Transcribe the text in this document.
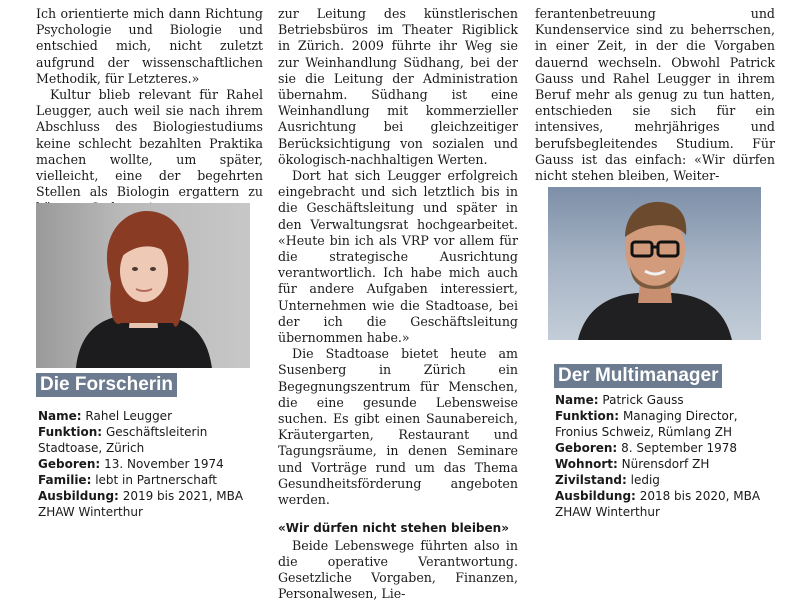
Ich orientierte mich dann Richtung Psychologie und Biologie und entschied mich, nicht zuletzt aufgrund der wissenschaftlichen Methodik, für Letzteres.»

Kultur blieb relevant für Rahel Leugger, auch weil sie nach ihrem Abschluss des Biologiestudiums keine schlecht bezahlten Praktika machen wollte, um später, vielleicht, eine der begehrten Stellen als Biologin ergattern zu

zur Leitung des künstlerischen Betriebsbüros im Theater Rigiblick in Zürich. 2009 führte ihr Weg sie zur Weinhandlung Südhang, bei der sie die Leitung der Administration übernahm. Südhang ist eine Weinhandlung mit kommerzieller Ausrichtung bei gleichzeitiger Berücksichtigung von sozialen und ökologisch-nachhaltigen Werten.

Dort hat sich Leugger erfolgreich eingebracht und sich letztlich bis in die Geschäftsleitung und später in den Verwaltungsrat hochgearbeitet. «Heute bin ich als VRP vor allem für die strategische Ausrichtung verantwortlich. Ich habe mich auch für andere Aufgaben interessiert, Unternehmen wie die Stadtoase, bei der ich die Geschäftsleitung übernommen habe.»

Die Stadtoase bietet heute am Susenberg in Zürich ein Begegnungszentrum für Menschen, die eine gesunde Lebensweise suchen. Es gibt einen Saunabereich, Kräutergarten, Restaurant und Tagungsräume, in denen Seminare und Vorträge rund um das Thema Gesundheitsförderung angeboten werden.

«Wir dürfen nicht stehen bleiben»

Beide Lebenswege führten also in die operative Verantwortung. Gesetzliche Vorgaben, Finanzen, Personalwesen, Lie-

ferantenbetreuung und Kundenservice sind zu beherrschen, in einer Zeit, in der die Vorgaben dauernd wechseln. Obwohl Patrick Gauss und Rahel Leugger in ihrem Beruf mehr als genug zu tun hatten, entschieden sie sich für ein intensives, mehrjähriges und berufsbegleitendes Studium. Für Gauss ist das einfach: «Wir dürfen nicht stehen bleiben, Weiter-

Die Forscherin	Der Multimanager
Name: Rahel Leugger
Funktion: Geschäftsleiterin Stadtoase, Zürich
Geboren: 13. November 1974
Familie: lebt in Partnerschaft
Ausbildung: 2019 bis 2021, MBA ZHAW Winterthur
Name: Patrick Gauss
Funktion: Managing Director, Fronius Schweiz, Rümlang ZH
Geboren: 8. September 1978
Wohnort: Nürensdorf ZH
Zivilstand: ledig
Ausbildung: 2018 bis 2020, MBA ZHAW Winterthur
